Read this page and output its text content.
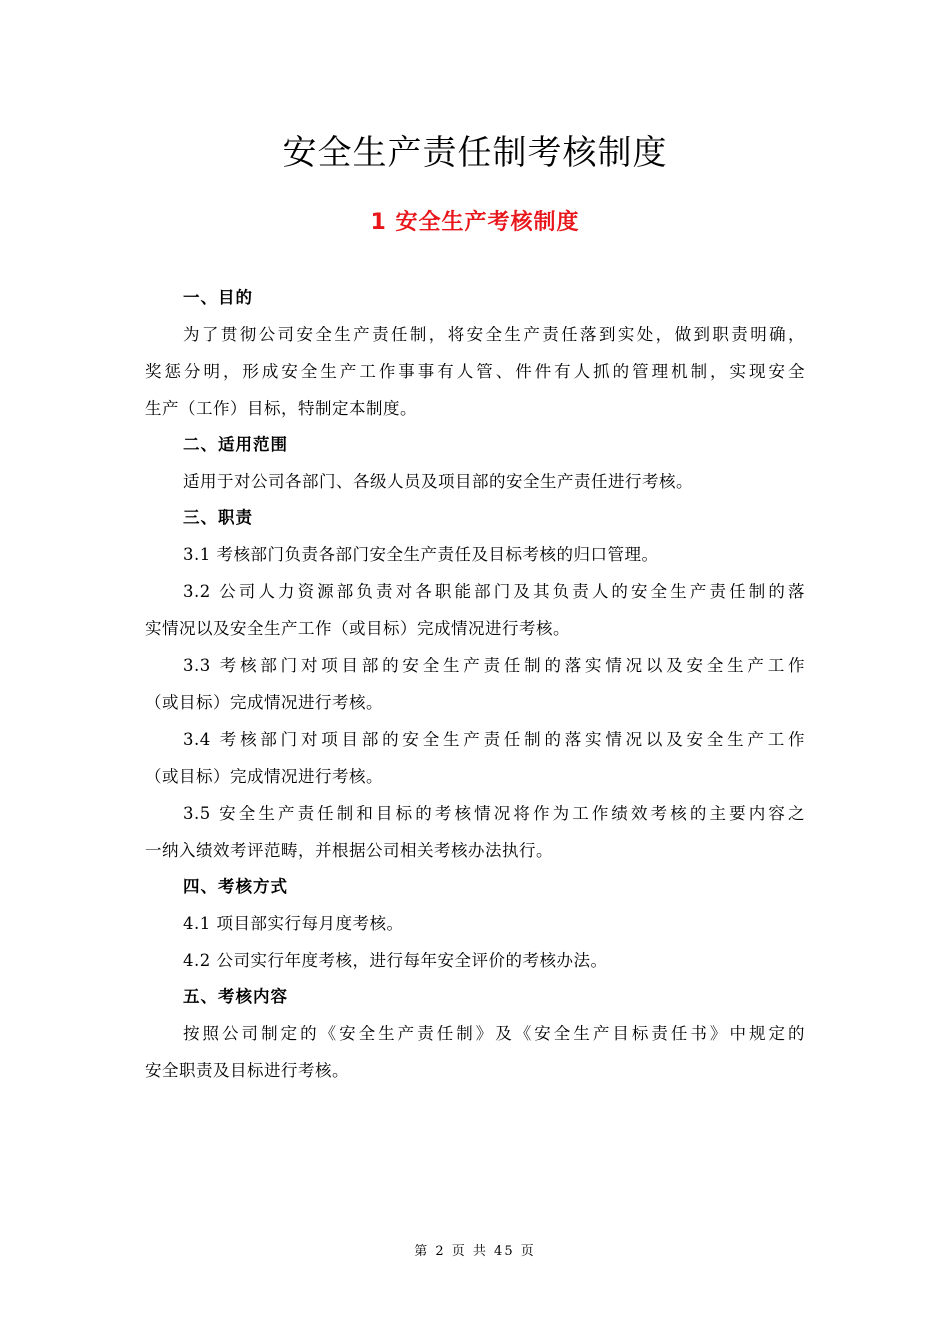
安全生产责任制考核制度
1 安全生产考核制度
一、目的
为了贯彻公司安全生产责任制，将安全生产责任落到实处，做到职责明确，
奖惩分明，形成安全生产工作事事有人管、件件有人抓的管理机制，实现安全
生产（工作）目标，特制定本制度。
二、适用范围
适用于对公司各部门、各级人员及项目部的安全生产责任进行考核。
三、职责
3.1 考核部门负责各部门安全生产责任及目标考核的归口管理。
3.2 公司人力资源部负责对各职能部门及其负责人的安全生产责任制的落
实情况以及安全生产工作（或目标）完成情况进行考核。
3.3 考核部门对项目部的安全生产责任制的落实情况以及安全生产工作
（或目标）完成情况进行考核。
3.4 考核部门对项目部的安全生产责任制的落实情况以及安全生产工作
（或目标）完成情况进行考核。
3.5 安全生产责任制和目标的考核情况将作为工作绩效考核的主要内容之
一纳入绩效考评范畴，并根据公司相关考核办法执行。
四、考核方式
4.1 项目部实行每月度考核。
4.2 公司实行年度考核，进行每年安全评价的考核办法。
五、考核内容
按照公司制定的《安全生产责任制》及《安全生产目标责任书》中规定的
安全职责及目标进行考核。
第 2 页 共 45 页
